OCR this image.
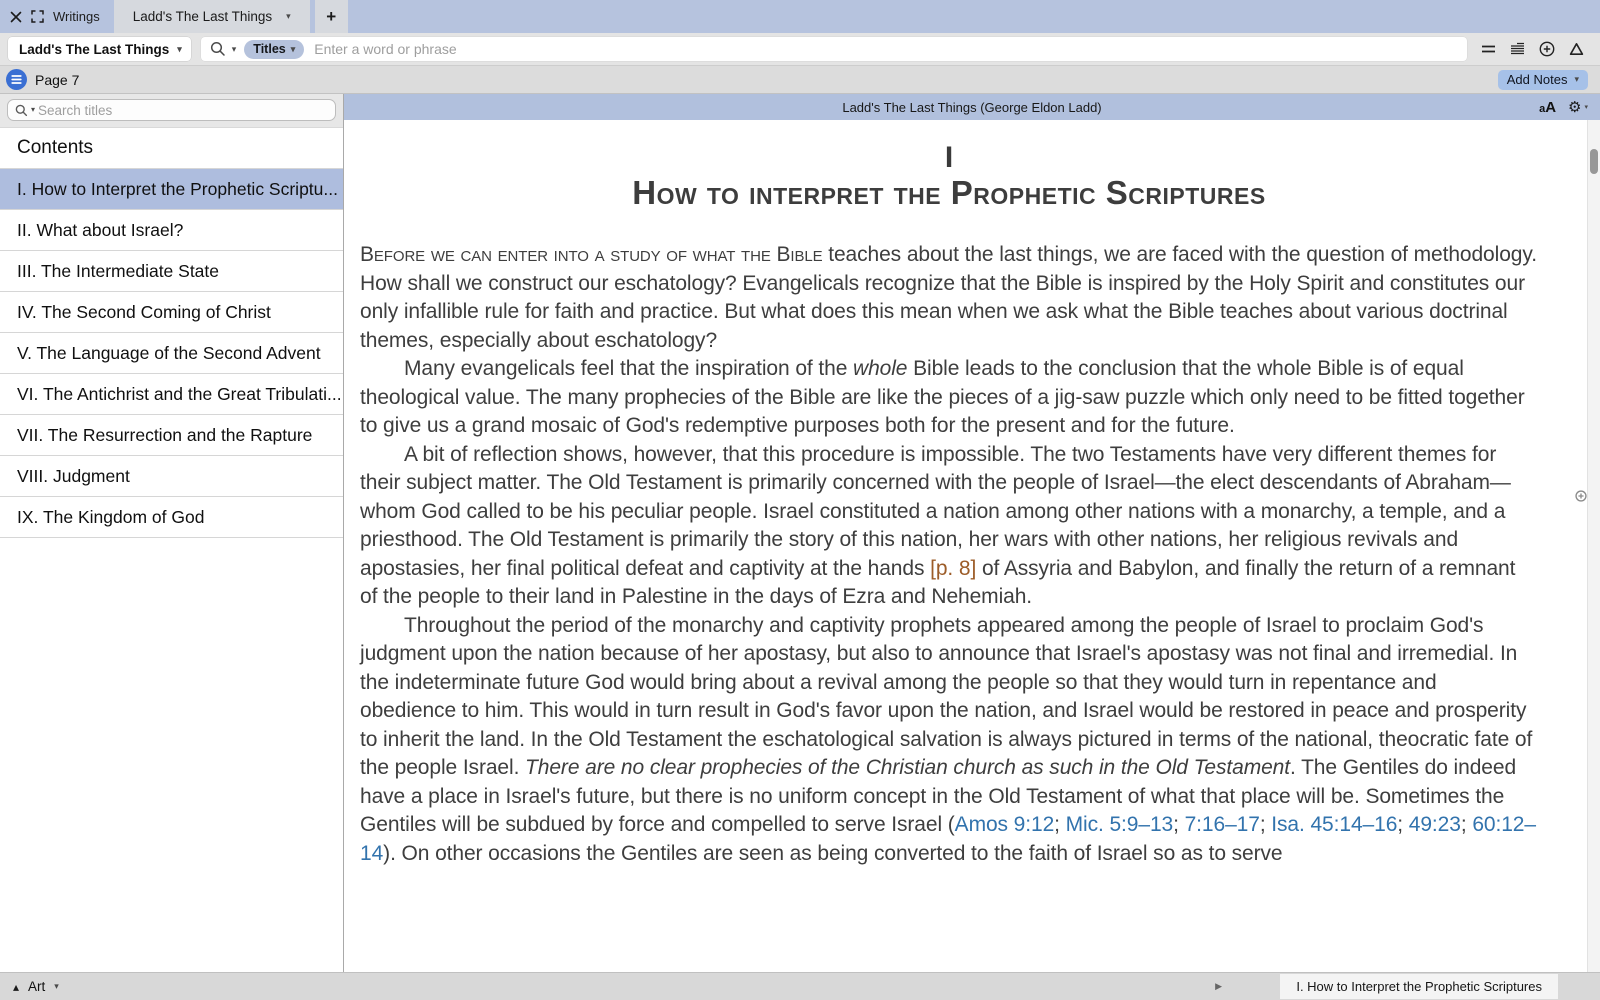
Writings Ladd's The Last Things ▾ +
Ladd's The Last Things ▾	▾ Titles ▾
Enter a word or phrase
Page 7	Add Notes ▾
▾
Search titles
Contents
I. How to Interpret the Prophetic Scriptu...
II. What about Israel?
III. The Intermediate State
IV. The Second Coming of Christ
V. The Language of the Second Advent
VI. The Antichrist and the Great Tribulati...
VII. The Resurrection and the Rapture
VIII. Judgment
IX. The Kingdom of God
Ladd's The Last Things (George Eldon Ladd)	aA ⚙ ▾
I
How to interpret the Prophetic Scriptures

Before we can enter into a study of what the Bible teaches about the last things, we are faced with the question of methodology. How shall we construct our eschatology? Evangelicals recognize that the Bible is inspired by the Holy Spirit and constitutes our only infallible rule for faith and practice. But what does this mean when we ask what the Bible teaches about various doctrinal themes, especially about eschatology?

Many evangelicals feel that the inspiration of the whole Bible leads to the conclusion that the whole Bible is of equal theological value. The many prophecies of the Bible are like the pieces of a jig-saw puzzle which only need to be fitted together to give us a grand mosaic of God's redemptive purposes both for the present and for the future.

A bit of reflection shows, however, that this procedure is impossible. The two Testaments have very different themes for their subject matter. The Old Testament is primarily concerned with the people of Israel—the elect descendants of Abraham—whom God called to be his peculiar people. Israel constituted a nation among other nations with a monarchy, a temple, and a priesthood. The Old Testament is primarily the story of this nation, her wars with other nations, her religious revivals and apostasies, her final political defeat and captivity at the hands [p. 8] of Assyria and Babylon, and finally the return of a remnant of the people to their land in Palestine in the days of Ezra and Nehemiah.

Throughout the period of the monarchy and captivity prophets appeared among the people of Israel to proclaim God's judgment upon the nation because of her apostasy, but also to announce that Israel's apostasy was not final and irremedial. In the indeterminate future God would bring about a revival among the people so that they would turn in repentance and obedience to him. This would in turn result in God's favor upon the nation, and Israel would be restored in peace and prosperity to inherit the land. In the Old Testament the eschatological salvation is always pictured in terms of the national, theocratic fate of the people Israel. There are no clear prophecies of the Christian church as such in the Old Testament. The Gentiles do indeed have a place in Israel's future, but there is no uniform concept in the Old Testament of what that place will be. Sometimes the Gentiles will be subdued by force and compelled to serve Israel (Amos 9:12; Mic. 5:9–13; 7:16–17; Isa. 45:14–16; 49:23; 60:12–14). On other occasions the Gentiles are seen as being converted to the faith of Israel so as to serve

▴ Art ▾	▶	I. How to Interpret the Prophetic Scriptures
